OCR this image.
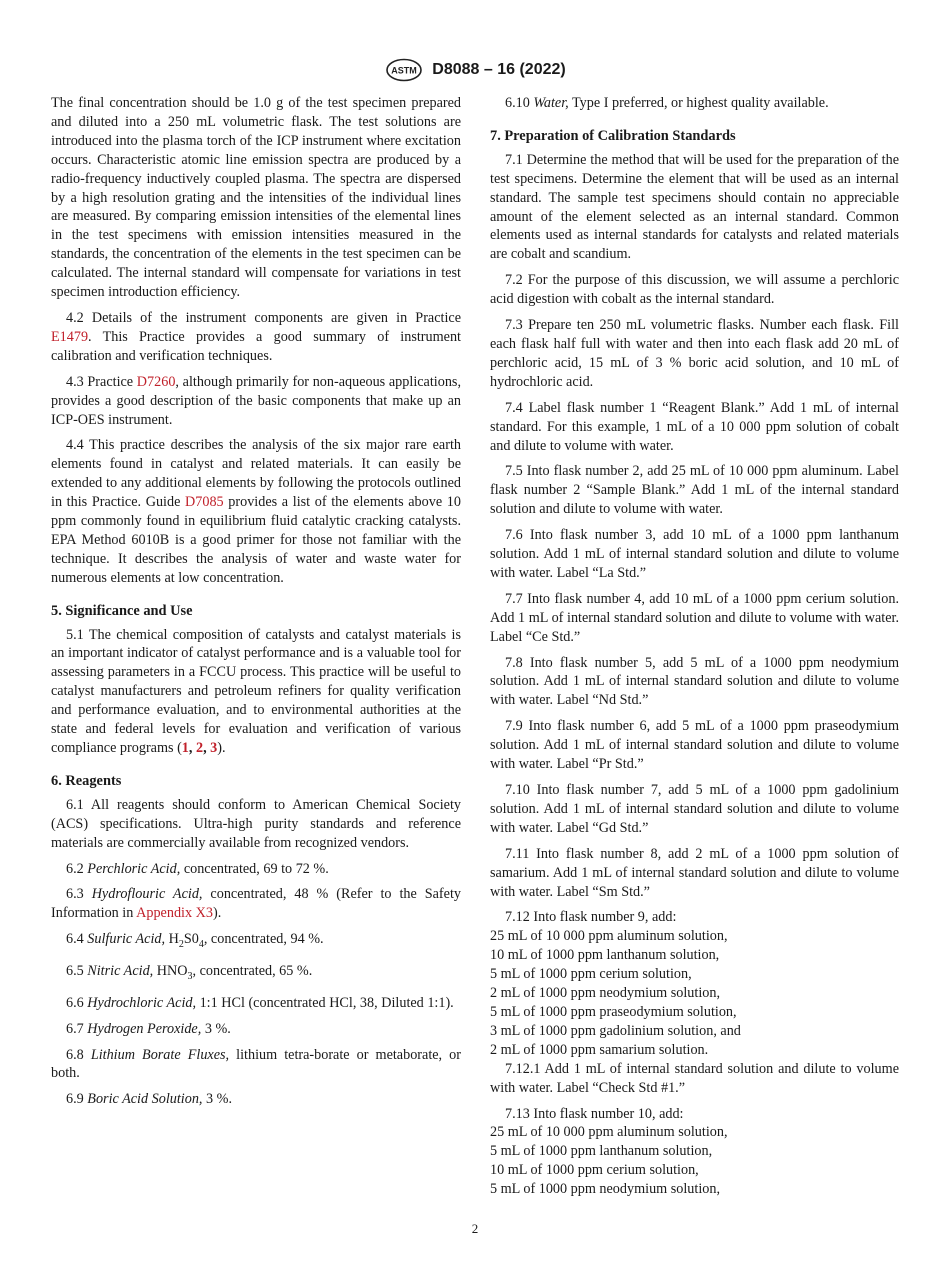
ASTM D8088 – 16 (2022)

The final concentration should be 1.0 g of the test specimen prepared and diluted into a 250 mL volumetric flask. The test solutions are introduced into the plasma torch of the ICP instrument where excitation occurs. Characteristic atomic line emission spectra are produced by a radio-frequency inductively coupled plasma. The spectra are dispersed by a high resolution grating and the intensities of the individual lines are measured. By comparing emission intensities of the elemental lines in the test specimens with emission intensities measured in the standards, the concentration of the elements in the test specimen can be calculated. The internal standard will compensate for variations in test specimen introduction efficiency.

4.2 Details of the instrument components are given in Practice E1479. This Practice provides a good summary of instrument calibration and verification techniques.

4.3 Practice D7260, although primarily for non-aqueous applications, provides a good description of the basic components that make up an ICP-OES instrument.

4.4 This practice describes the analysis of the six major rare earth elements found in catalyst and related materials. It can easily be extended to any additional elements by following the protocols outlined in this Practice. Guide D7085 provides a list of the elements above 10 ppm commonly found in equilibrium fluid catalytic cracking catalysts. EPA Method 6010B is a good primer for those not familiar with the technique. It describes the analysis of water and waste water for numerous elements at low concentration.

5. Significance and Use

5.1 The chemical composition of catalysts and catalyst materials is an important indicator of catalyst performance and is a valuable tool for assessing parameters in a FCCU process. This practice will be useful to catalyst manufacturers and petroleum refiners for quality verification and performance evaluation, and to environmental authorities at the state and federal levels for evaluation and verification of various compliance programs (1, 2, 3).

6. Reagents

6.1 All reagents should conform to American Chemical Society (ACS) specifications. Ultra-high purity standards and reference materials are commercially available from recognized vendors.

6.2 Perchloric Acid, concentrated, 69 to 72 %.

6.3 Hydroflouric Acid, concentrated, 48 % (Refer to the Safety Information in Appendix X3).

6.4 Sulfuric Acid, $H_2S0_4$, concentrated, 94 %.

6.5 Nitric Acid, $HNO_3$, concentrated, 65 %.

6.6 Hydrochloric Acid, 1:1 HCl (concentrated HCl, 38, Diluted 1:1).

6.7 Hydrogen Peroxide, 3 %.

6.8 Lithium Borate Fluxes, lithium tetra-borate or metaborate, or both.

6.9 Boric Acid Solution, 3 %.

6.10 Water, Type I preferred, or highest quality available.

7. Preparation of Calibration Standards

7.1 Determine the method that will be used for the preparation of the test specimens. Determine the element that will be used as an internal standard. The sample test specimens should contain no appreciable amount of the element selected as an internal standard. Common elements used as internal standards for catalysts and related materials are cobalt and scandium.

7.2 For the purpose of this discussion, we will assume a perchloric acid digestion with cobalt as the internal standard.

7.3 Prepare ten 250 mL volumetric flasks. Number each flask. Fill each flask half full with water and then into each flask add 20 mL of perchloric acid, 15 mL of 3 % boric acid solution, and 10 mL of hydrochloric acid.

7.4 Label flask number 1 “Reagent Blank.” Add 1 mL of internal standard. For this example, 1 mL of a 10 000 ppm solution of cobalt and dilute to volume with water.

7.5 Into flask number 2, add 25 mL of 10 000 ppm aluminum. Label flask number 2 “Sample Blank.” Add 1 mL of the internal standard solution and dilute to volume with water.

7.6 Into flask number 3, add 10 mL of a 1000 ppm lanthanum solution. Add 1 mL of internal standard solution and dilute to volume with water. Label “La Std.”

7.7 Into flask number 4, add 10 mL of a 1000 ppm cerium solution. Add 1 mL of internal standard solution and dilute to volume with water. Label “Ce Std.”

7.8 Into flask number 5, add 5 mL of a 1000 ppm neodymium solution. Add 1 mL of internal standard solution and dilute to volume with water. Label “Nd Std.”

7.9 Into flask number 6, add 5 mL of a 1000 ppm praseodymium solution. Add 1 mL of internal standard solution and dilute to volume with water. Label “Pr Std.”

7.10 Into flask number 7, add 5 mL of a 1000 ppm gadolinium solution. Add 1 mL of internal standard solution and dilute to volume with water. Label “Gd Std.”

7.11 Into flask number 8, add 2 mL of a 1000 ppm solution of samarium. Add 1 mL of internal standard solution and dilute to volume with water. Label “Sm Std.”

7.12 Into flask number 9, add:

25 mL of 10 000 ppm aluminum solution,
10 mL of 1000 ppm lanthanum solution,
5 mL of 1000 ppm cerium solution,
2 mL of 1000 ppm neodymium solution,
5 mL of 1000 ppm praseodymium solution,
3 mL of 1000 ppm gadolinium solution, and
2 mL of 1000 ppm samarium solution.

7.12.1 Add 1 mL of internal standard solution and dilute to volume with water. Label “Check Std #1.”

7.13 Into flask number 10, add:

25 mL of 10 000 ppm aluminum solution,
5 mL of 1000 ppm lanthanum solution,
10 mL of 1000 ppm cerium solution,
5 mL of 1000 ppm neodymium solution,
2
